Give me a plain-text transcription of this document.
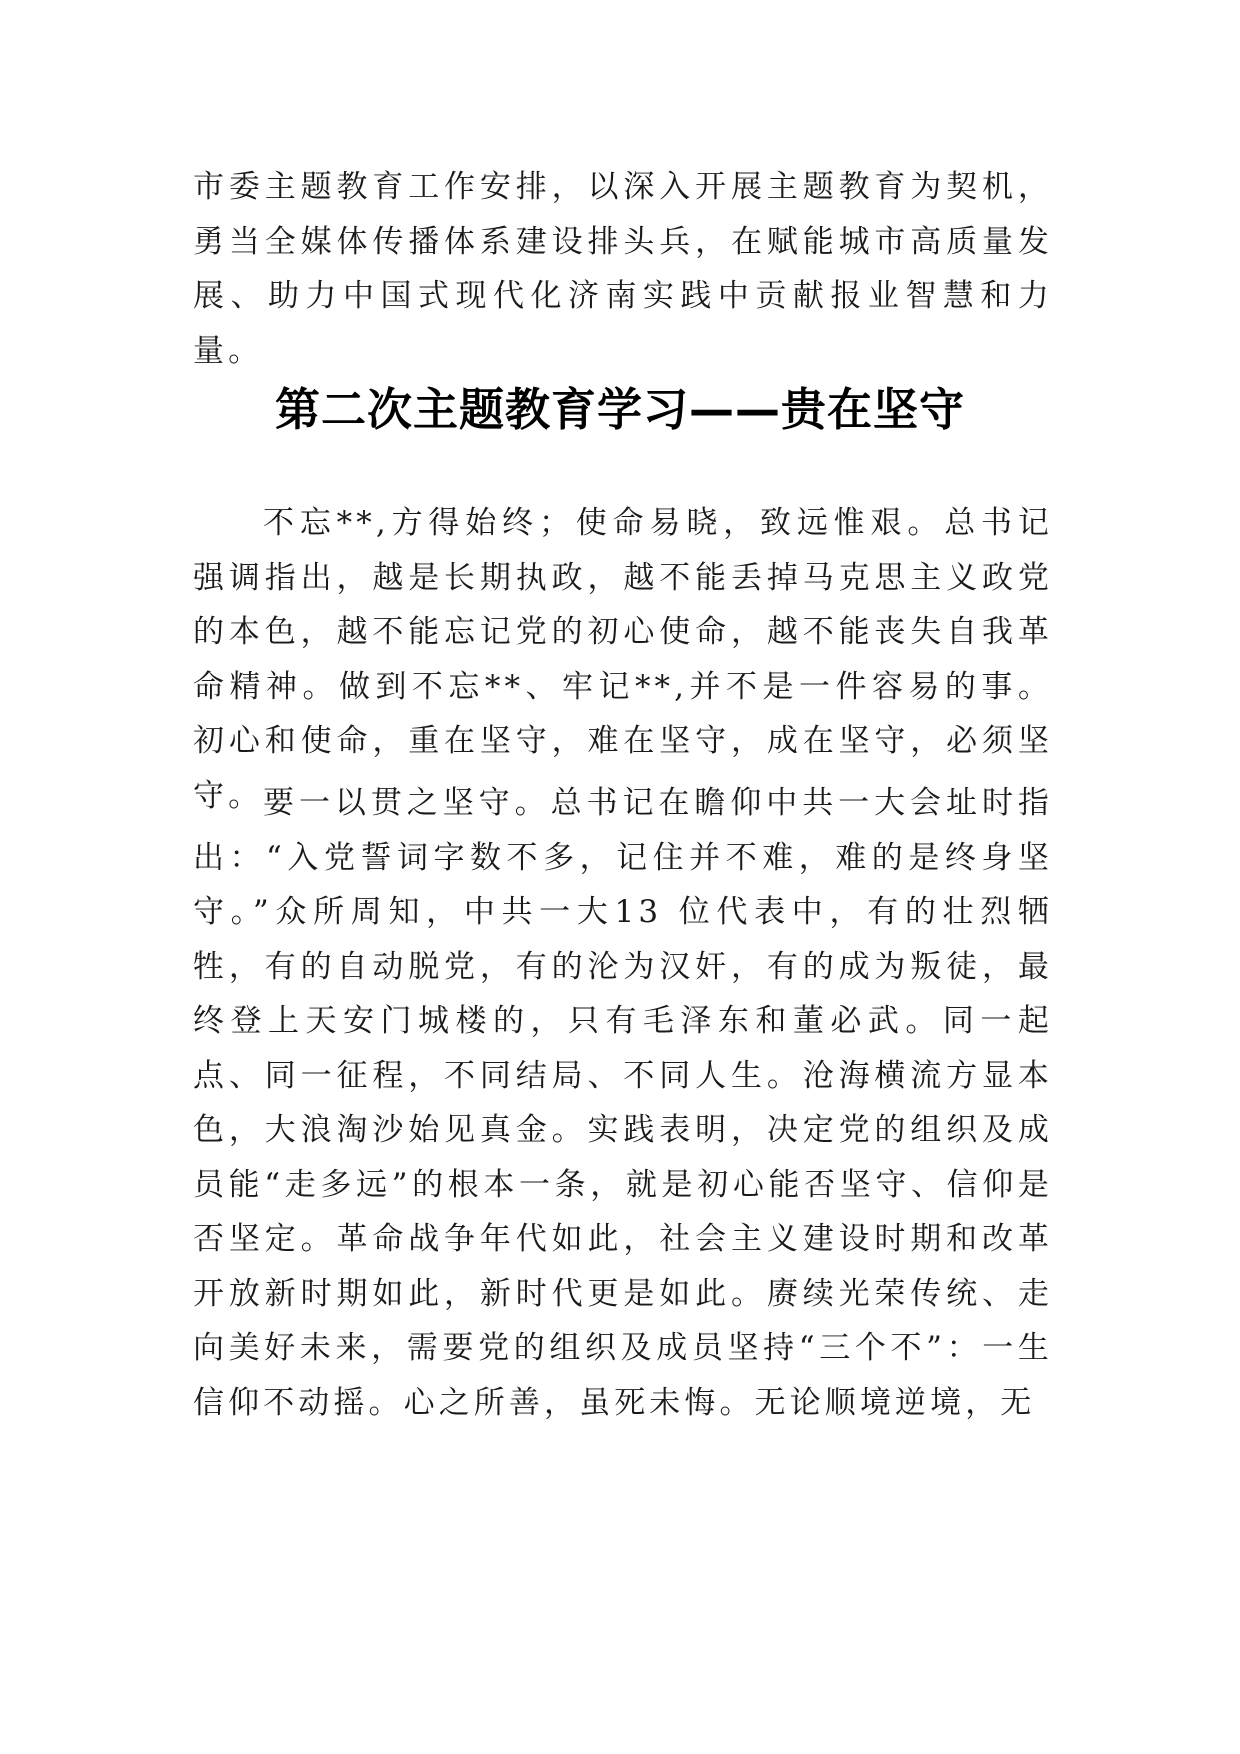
市委主题教育工作安排，以深入开展主题教育为契机，勇当全媒体传播体系建设排头兵，在赋能城市高质量发展、助力中国式现代化济南实践中贡献报业智慧和力量。

第二次主题教育学习——贵在坚守

不忘**,方得始终；使命易晓，致远惟艰。总书记强调指出，越是长期执政，越不能丢掉马克思主义政党的本色，越不能忘记党的初心使命，越不能丧失自我革命精神。做到不忘**、牢记**,并不是一件容易的事。初心和使命，重在坚守，难在坚守，成在坚守，必须坚守。 要一以贯之坚守。总书记在瞻仰中共一大会址时指出：“入党誓词字数不多，记住并不难，难的是终身坚守。”众所周知，中共一大13 位代表中，有的壮烈牺牲，有的自动脱党，有的沦为汉奸，有的成为叛徒，最终登上天安门城楼的，只有毛泽东和董必武。同一起点、同一征程，不同结局、不同人生。沧海横流方显本色，大浪淘沙始见真金。实践表明，决定党的组织及成员能“走多远”的根本一条，就是初心能否坚守、信仰是否坚定。革命战争年代如此，社会主义建设时期和改革开放新时期如此，新时代更是如此。赓续光荣传统、走向美好未来，需要党的组织及成员坚持“三个不”：一生信仰不动摇。心之所善，虽死未悔。无论顺境逆境，无
